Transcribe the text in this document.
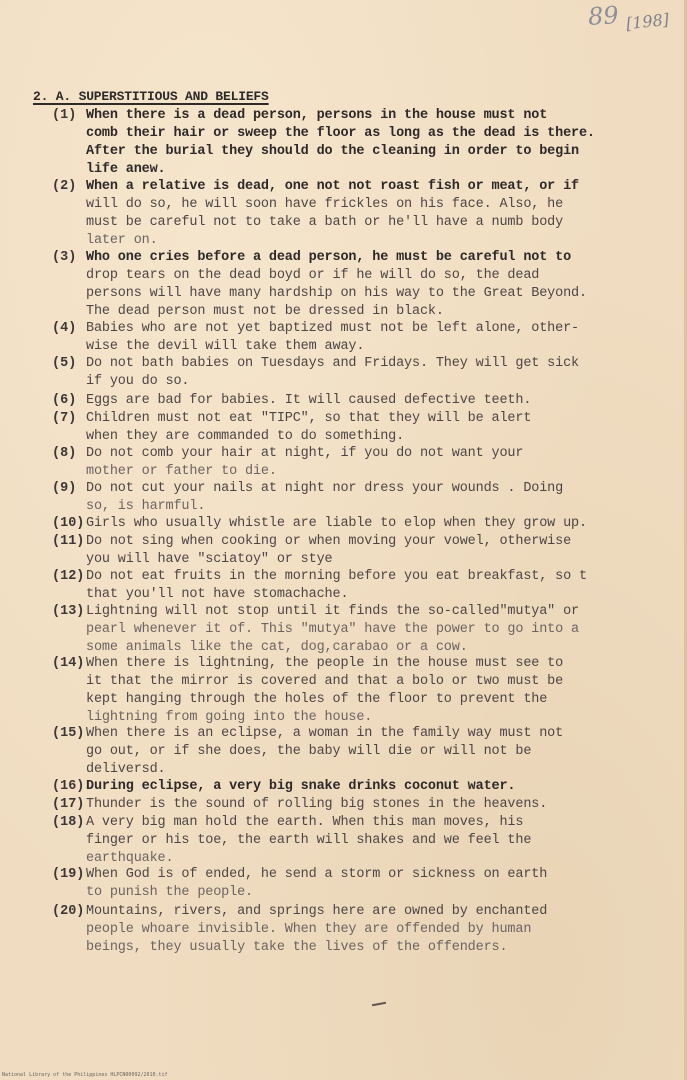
89 [198]
2. A. SUPERSTITIOUS AND BELIEFS
(1) When there is a dead person, persons in the house must not
comb their hair or sweep the floor as long as the dead is there.
After the burial they should do the cleaning in order to begin
life anew.
(2) When a relative is dead, one not not roast fish or meat, or if
will do so, he will soon have frickles on his face. Also, he
must be careful not to take a bath or he'll have a numb body
later on.
(3) Who one cries before a dead person, he must be careful not to
drop tears on the dead boyd or if he will do so, the dead
persons will have many hardship on his way to the Great Beyond.
The dead person must not be dressed in black.
(4) Babies who are not yet baptized must not be left alone, other-
wise the devil will take them away.
(5) Do not bath babies on Tuesdays and Fridays. They will get sick
if you do so.
(6) Eggs are bad for babies. It will caused defective teeth.
(7) Children must not eat "TIPC", so that they will be alert
when they are commanded to do something.
(8) Do not comb your hair at night, if you do not want your
mother or father to die.
(9) Do not cut your nails at night nor dress your wounds . Doing
so, is harmful.
(10) Girls who usually whistle are liable to elop when they grow up.
(11) Do not sing when cooking or when moving your vowel, otherwise
you will have "sciatoy" or stye
(12) Do not eat fruits in the morning before you eat breakfast, so t
that you'll not have stomachache.
(13) Lightning will not stop until it finds the so-called"mutya" or
pearl whenever it of. This "mutya" have the power to go into a
some animals like the cat, dog,carabao or a cow.
(14) When there is lightning, the people in the house must see to
it that the mirror is covered and that a bolo or two must be
kept hanging through the holes of the floor to prevent the
lightning from going into the house.
(15) When there is an eclipse, a woman in the family way must not
go out, or if she does, the baby will die or will not be
deliversd.
(16) During eclipse, a very big snake drinks coconut water.
(17) Thunder is the sound of rolling big stones in the heavens.
(18) A very big man hold the earth. When this man moves, his
finger or his toe, the earth will shakes and we feel the
earthquake.
(19) When God is of ended, he send a storm or sickness on earth
to punish the people.
(20) Mountains, rivers, and springs here are owned by enchanted
people whoare invisible. When they are offended by human
beings, they usually take the lives of the offenders.
National Library of the Philippines HLPCN00092/2010.tif
